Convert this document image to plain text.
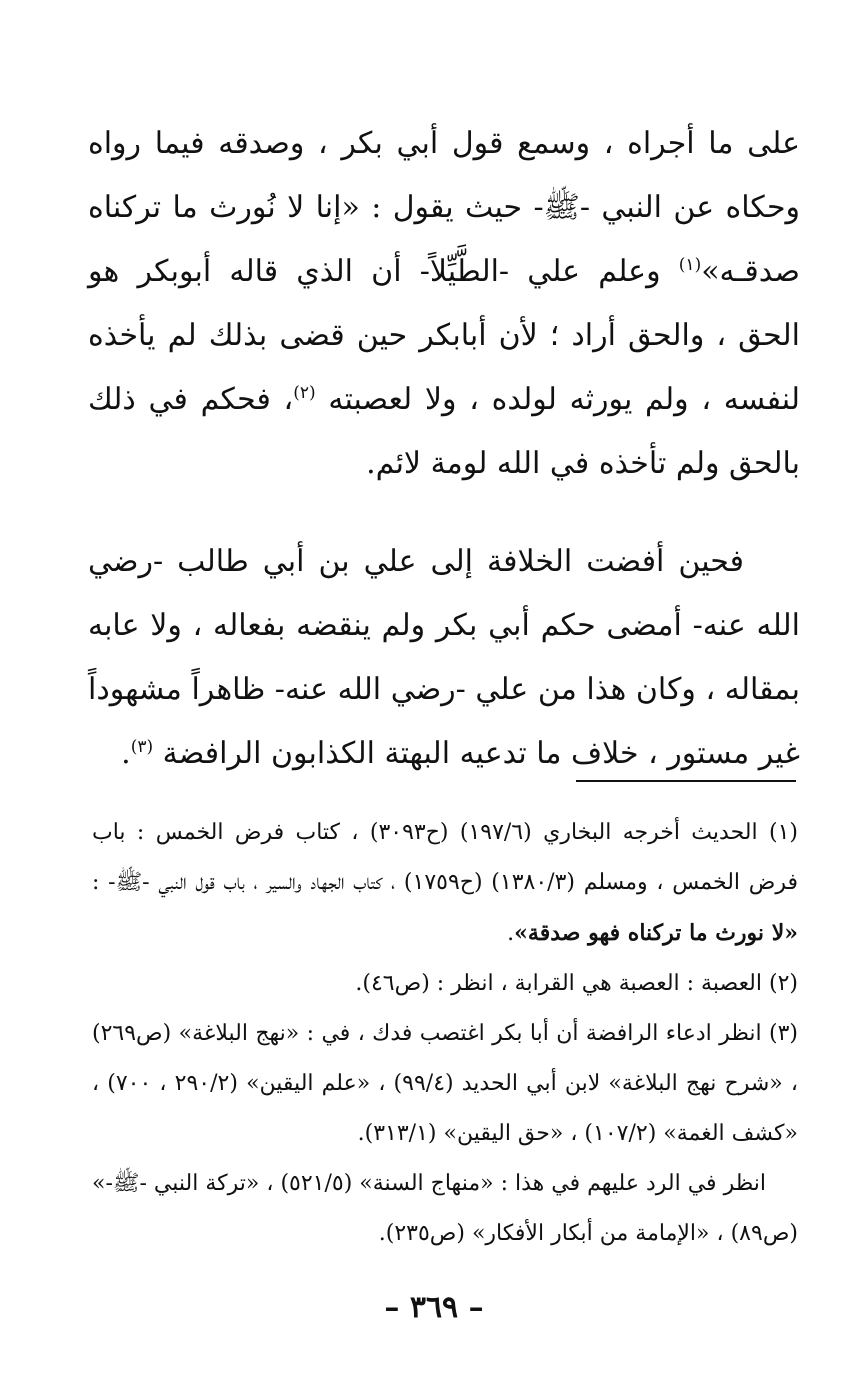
على ما أجراه ، وسمع قول أبي بكر ، وصدقه فيما رواه وحكاه عن النبي -ﷺ- حيث يقول : «إنا لا نُورث ما تركناه صدقـه»$^{(١)}$ وعلم علي -الطَّيِّلاً- أن الذي قاله أبوبكر هو الحق ، والحق أراد ؛ لأن أبابكر حين قضى بذلك لم يأخذه لنفسه ، ولم يورثه لولده ، ولا لعصبته $^{(٢)}$، فحكم في ذلك بالحق ولم تأخذه في الله لومة لائم.

فحين أفضت الخلافة إلى علي بن أبي طالب -رضي الله عنه- أمضى حكم أبي بكر ولم ينقضه بفعاله ، ولا عابه بمقاله ، وكان هذا من علي -رضي الله عنه- ظاهراً مشهوداً غير مستور ، خلاف ما تدعيه البهتة الكذابون الرافضة $^{(٣)}$.

(١) الحديث أخرجه البخاري (١٩٧/٦) (ح٣٠٩٣) ، كتاب فرض الخمس : باب فرض الخمس ، ومسلم (١٣٨٠/٣) (ح١٧٥٩) ، كتاب الجهاد والسير ، باب قول النبي -ﷺ- : «لا نورث ما تركناه فهو صدقة».

(٢) العصبة : العصبة هي القرابة ، انظر : (ص٤٦).

(٣) انظر ادعاء الرافضة أن أبا بكر اغتصب فدك ، في : «نهج البلاغة» (ص٢٦٩) ، «شرح نهج البلاغة» لابن أبي الحديد (٩٩/٤) ، «علم اليقين» (٢٩٠/٢ ، ٧٠٠) ، «كشف الغمة» (١٠٧/٢) ، «حق اليقين» (٣١٣/١).

انظر في الرد عليهم في هذا : «منهاج السنة» (٥٢١/٥) ، «تركة النبي -ﷺ-» (ص٨٩) ، «الإمامة من أبكار الأفكار» (ص٢٣٥).

– ٣٦٩ –
